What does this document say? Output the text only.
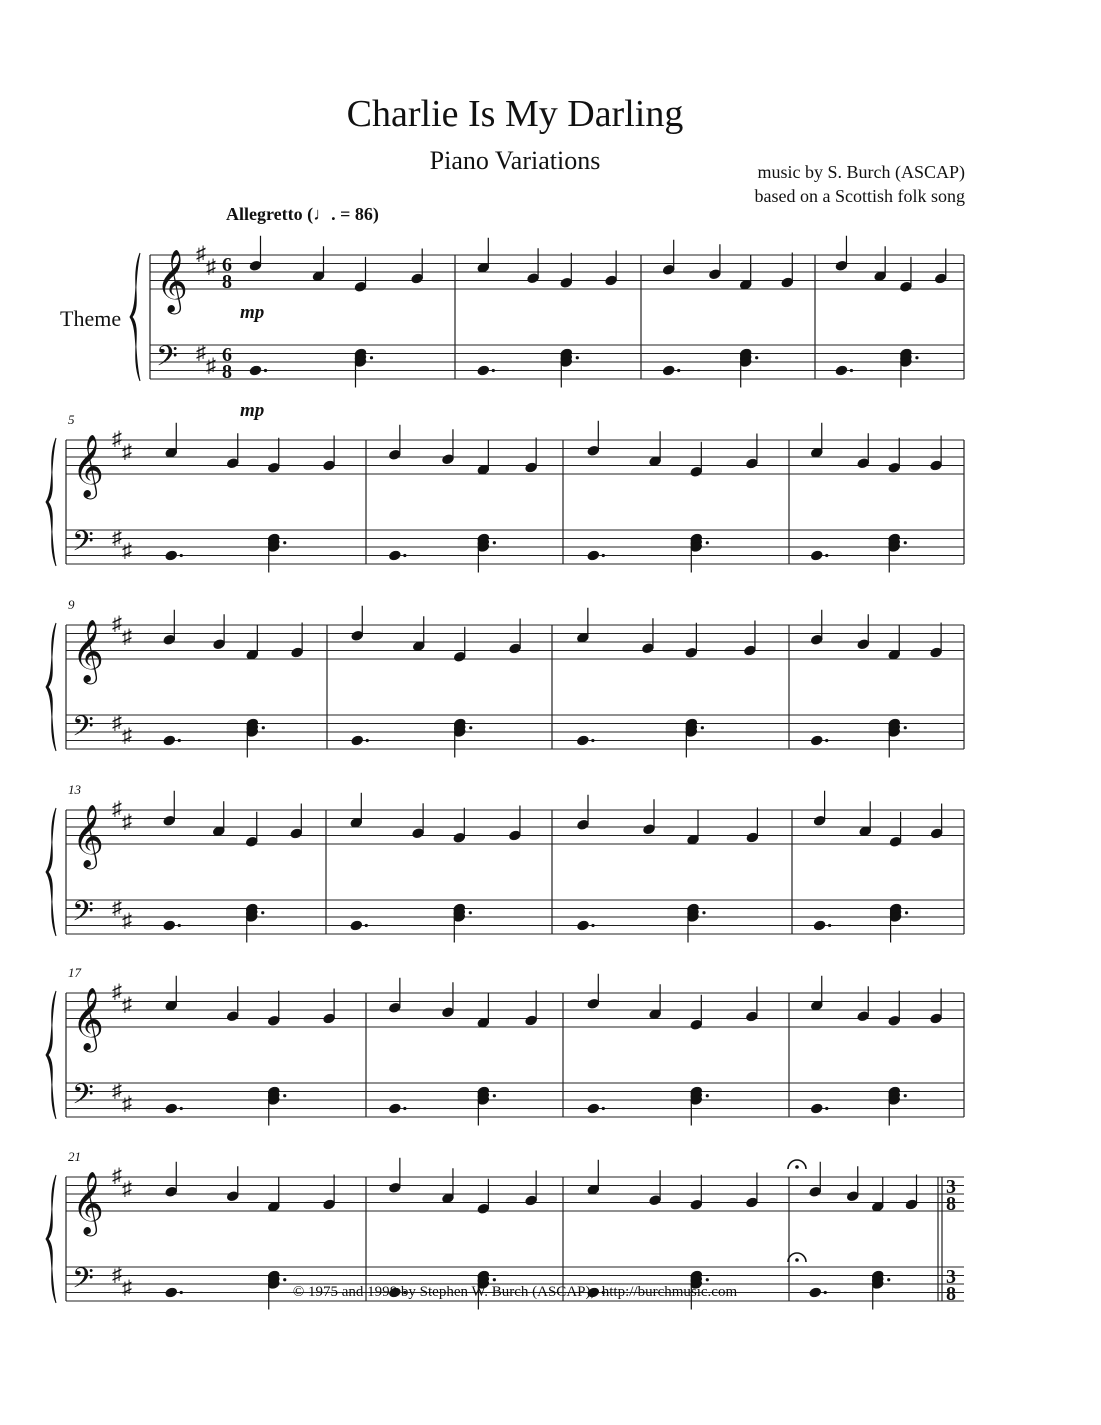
Charlie Is My Darling
Piano Variations	music by S. Burch (ASCAP)
based on a Scottish folk song
Allegretto (♩. = 86)
𝄞
𝄢
♯
♯
♯
♯
6
8
6
8
𝄞
𝄢
♯
♯
♯
♯
5
𝄞
𝄢
♯
♯
♯
♯
9
𝄞
𝄢
♯
♯
♯
♯
13
𝄞
𝄢
♯
♯
♯
♯
17
𝄞
𝄢
♯
♯
♯
♯
21
3
8
3
8
mp
mp
Theme
© 1975 and 1998 by Stephen W. Burch (ASCAP),  http://burchmusic.com
